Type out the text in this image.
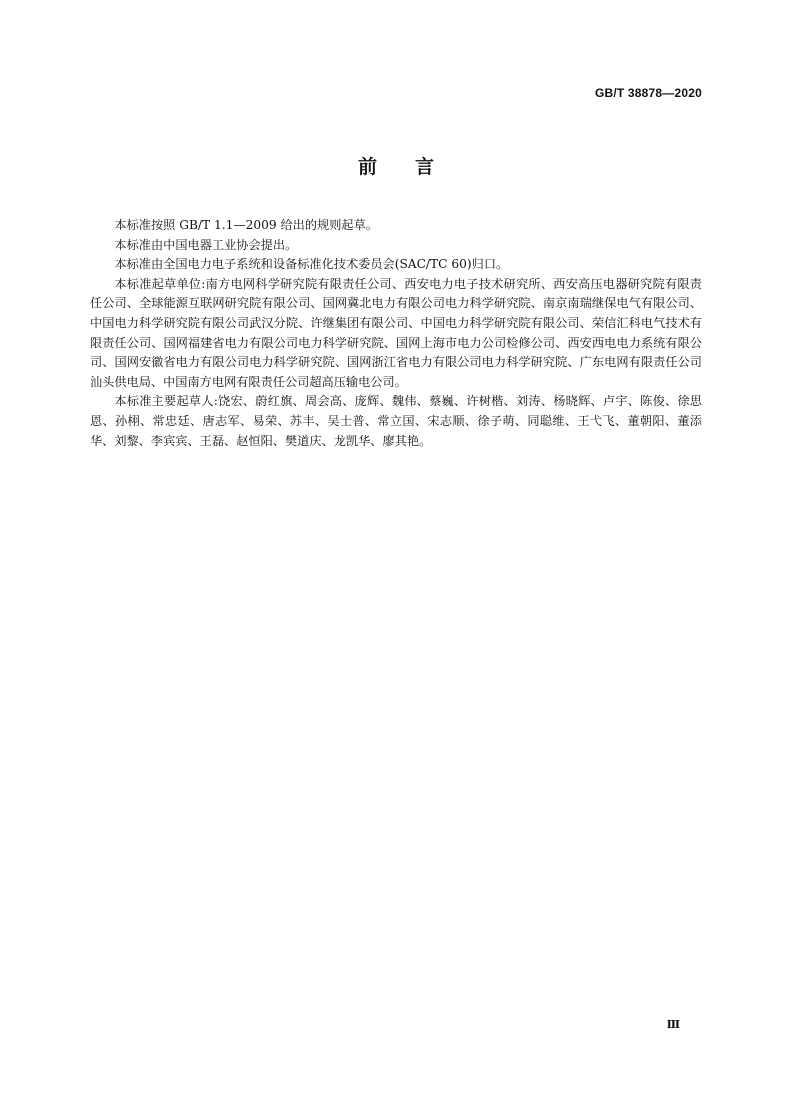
GB/T 38878—2020
前言

本标准按照 GB/T 1.1—2009 给出的规则起草。

本标准由中国电器工业协会提出。

本标准由全国电力电子系统和设备标准化技术委员会(SAC/TC 60)归口。

本标准起草单位:南方电网科学研究院有限责任公司、西安电力电子技术研究所、西安高压电器研究院有限责任公司、全球能源互联网研究院有限公司、国网冀北电力有限公司电力科学研究院、南京南瑞继保电气有限公司、中国电力科学研究院有限公司武汉分院、许继集团有限公司、中国电力科学研究院有限公司、荣信汇科电气技术有限责任公司、国网福建省电力有限公司电力科学研究院、国网上海市电力公司检修公司、西安西电电力系统有限公司、国网安徽省电力有限公司电力科学研究院、国网浙江省电力有限公司电力科学研究院、广东电网有限责任公司汕头供电局、中国南方电网有限责任公司超高压输电公司。

本标准主要起草人:饶宏、蔚红旗、周会高、庞辉、魏伟、蔡巍、许树楷、刘涛、杨晓辉、卢宇、陈俊、徐思恩、孙栩、常忠廷、唐志军、易荣、苏丰、吴士普、常立国、宋志顺、徐子萌、同聪维、王弋飞、董朝阳、董添华、刘黎、李宾宾、王磊、赵恒阳、樊道庆、龙凯华、廖其艳。

Ⅲ
